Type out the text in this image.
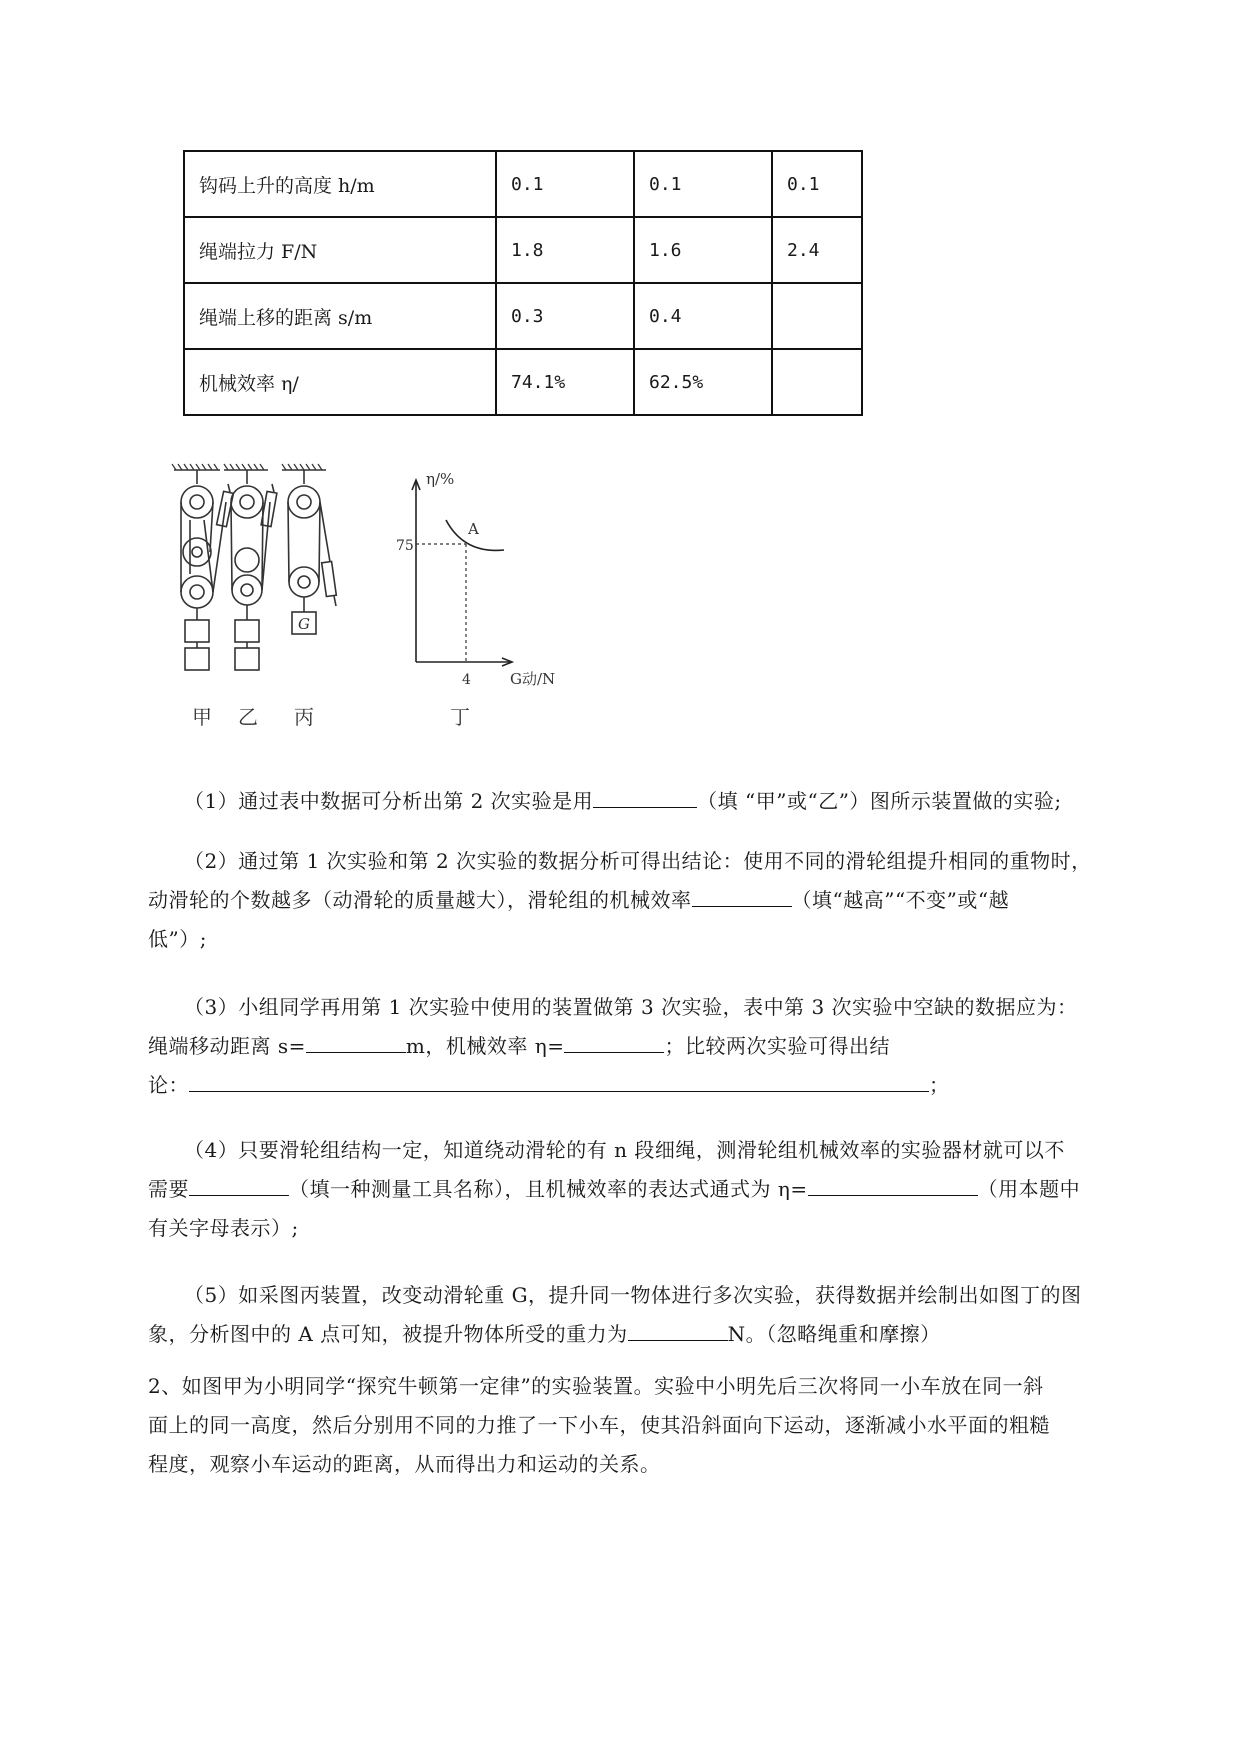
钩码上升的高度 h/m	0.1	0.1	0.1
绳端拉力 F/N	1.8	1.6	2.4
绳端上移的距离 s/m	0.3	0.4	
机械效率 η/	74.1%	62.5%	
G
η/%
75
4
A
G动/N
甲 乙 丙	丁

（1）通过表中数据可分析出第 2 次实验是用	（填 “甲”或“乙”）图所示装置做的实验;

（2）通过第 1 次实验和第 2 次实验的数据分析可得出结论：使用不同的滑轮组提升相同的重物时，
动滑轮的个数越多（动滑轮的质量越大），滑轮组的机械效率	（填“越高”“不变”或“越
低”）;

（3）小组同学再用第 1 次实验中使用的装置做第 3 次实验，表中第 3 次实验中空缺的数据应为：
绳端移动距离 s=	m，机械效率 η=	；比较两次实验可得出结
论：	；

（4）只要滑轮组结构一定，知道绕动滑轮的有 n 段细绳，测滑轮组机械效率的实验器材就可以不
需要	（填一种测量工具名称），且机械效率的表达式通式为 η=	（用本题中
有关字母表示）;

（5）如采图丙装置，改变动滑轮重 G，提升同一物体进行多次实验，获得数据并绘制出如图丁的图
象，分析图中的 A 点可知，被提升物体所受的重力为	N。（忽略绳重和摩擦）

2、如图甲为小明同学“探究牛顿第一定律”的实验装置。实验中小明先后三次将同一小车放在同一斜
面上的同一高度，然后分别用不同的力推了一下小车，使其沿斜面向下运动，逐渐减小水平面的粗糙
程度，观察小车运动的距离，从而得出力和运动的关系。
